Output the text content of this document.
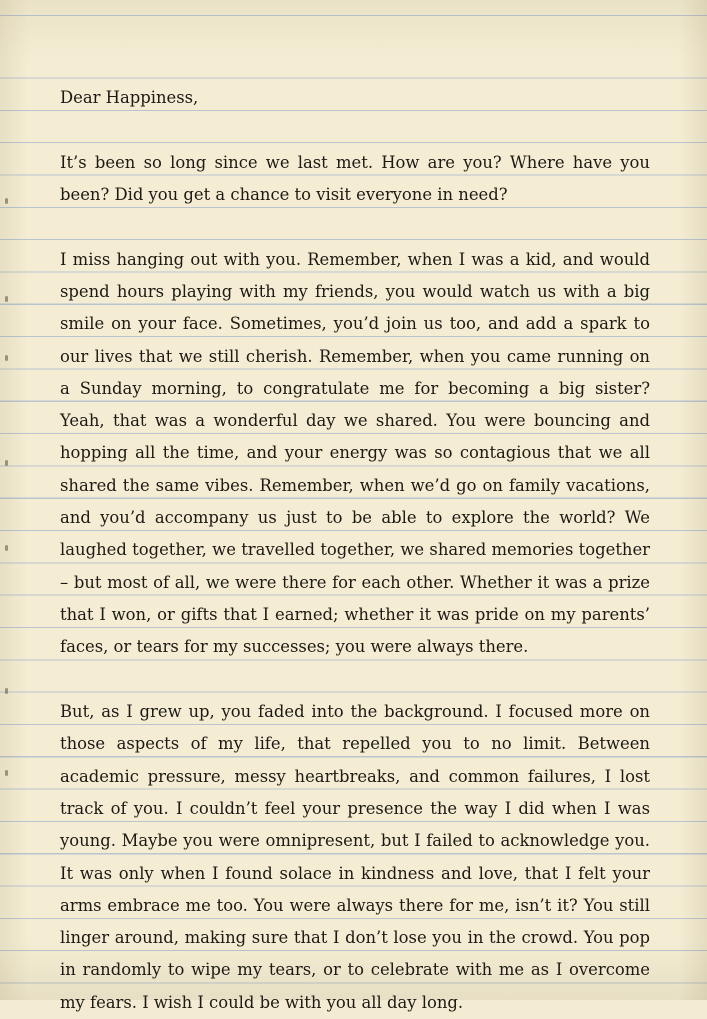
Dear Happiness,

It’s been so long since we last met. How are you? Where have you been? Did you get a chance to visit everyone in need?

I miss hanging out with you. Remember, when I was a kid, and would spend hours playing with my friends, you would watch us with a big smile on your face. Sometimes, you’d join us too, and add a spark to our lives that we still cherish. Remember, when you came running on a Sunday morning, to congratulate me for becoming a big sister? Yeah, that was a wonderful day we shared. You were bouncing and hopping all the time, and your energy was so contagious that we all shared the same vibes. Remember, when we’d go on family vacations, and you’d accompany us just to be able to explore the world? We laughed together, we travelled together, we shared memories together – but most of all, we were there for each other. Whether it was a prize that I won, or gifts that I earned; whether it was pride on my parents’ faces, or tears for my successes; you were always there.

But, as I grew up, you faded into the background. I focused more on those aspects of my life, that repelled you to no limit. Between academic pressure, messy heartbreaks, and common failures, I lost track of you. I couldn’t feel your presence the way I did when I was young. Maybe you were omnipresent, but I failed to acknowledge you. It was only when I found solace in kindness and love, that I felt your arms embrace me too. You were always there for me, isn’t it? You still linger around, making sure that I don’t lose you in the crowd. You pop in randomly to wipe my tears, or to celebrate with me as I overcome my fears. I wish I could be with you all day long.
